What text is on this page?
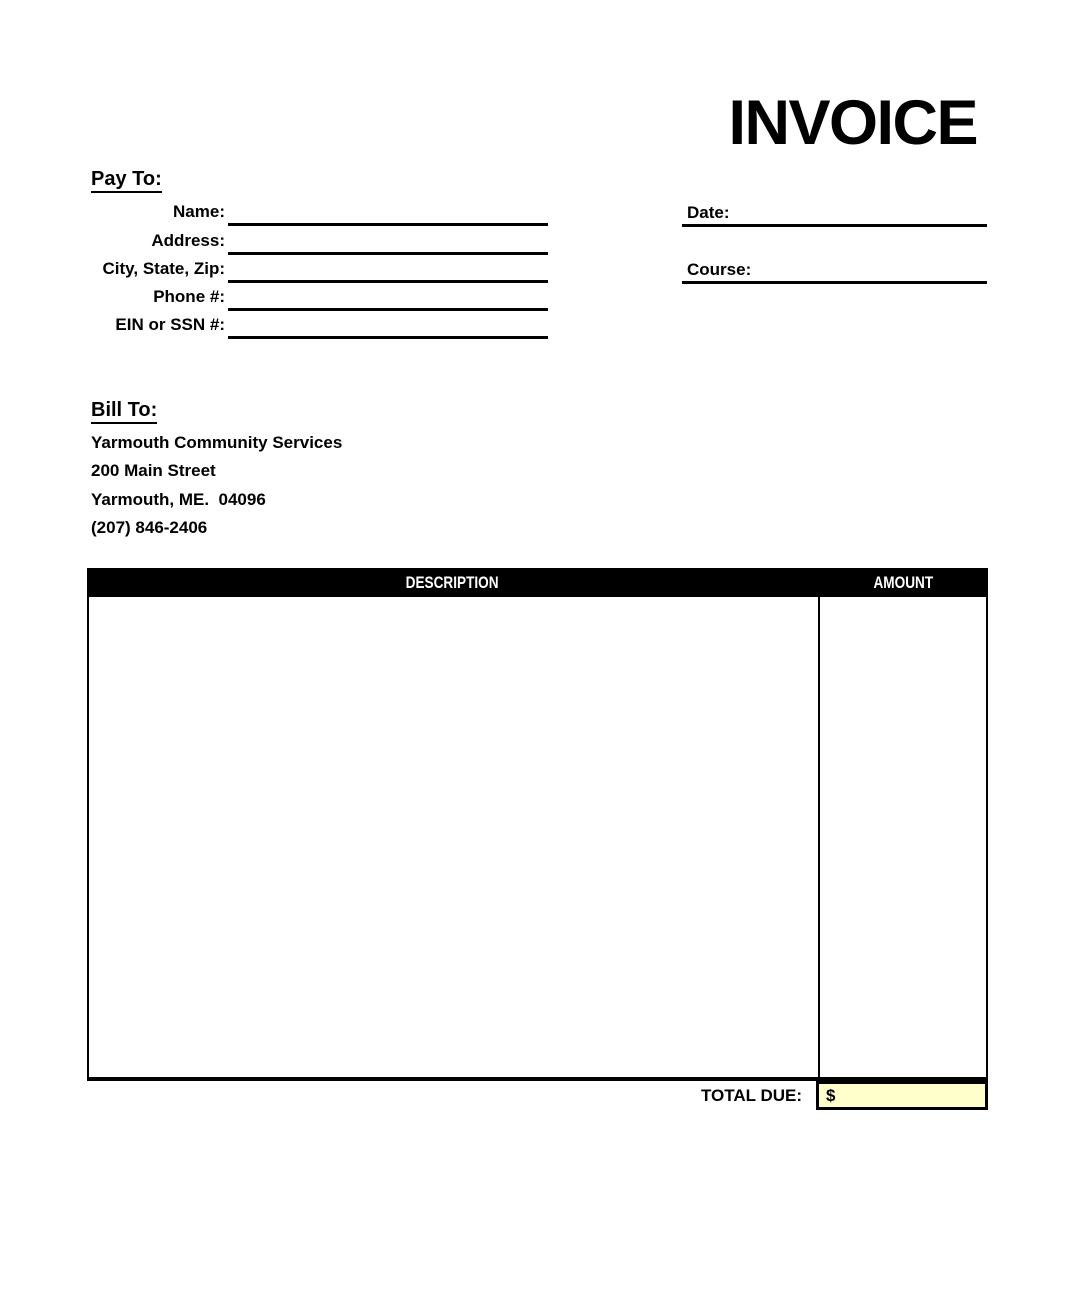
INVOICE
Pay To:
Name:
Address:
City, State, Zip:
Phone #:
EIN or SSN #:
Date:
Course:
Bill To:
Yarmouth Community Services
200 Main Street
Yarmouth, ME.  04096
(207) 846-2406
DESCRIPTION	AMOUNT
TOTAL DUE:	$
